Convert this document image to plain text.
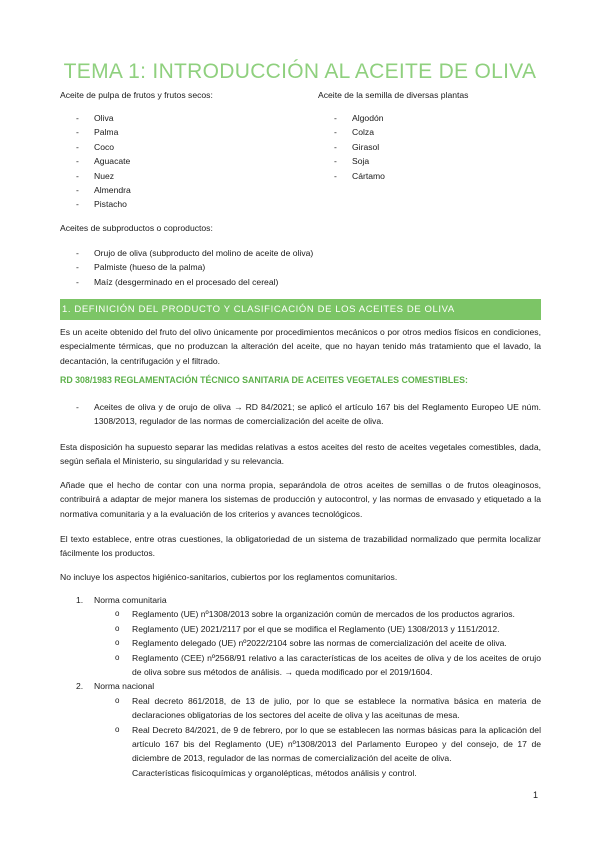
TEMA 1: INTRODUCCIÓN AL ACEITE DE OLIVA
Aceite de pulpa de frutos y frutos secos:
- Oliva
- Palma
- Coco
- Aguacate
- Nuez
- Almendra
- Pistacho
Aceite de la semilla de diversas plantas
- Algodón
- Colza
- Girasol
- Soja
- Cártamo
Aceites de subproductos o coproductos:
- Orujo de oliva (subproducto del molino de aceite de oliva)
- Palmiste (hueso de la palma)
- Maíz (desgerminado en el procesado del cereal)
1. DEFINICIÓN DEL PRODUCTO Y CLASIFICACIÓN DE LOS ACEITES DE OLIVA
Es un aceite obtenido del fruto del olivo únicamente por procedimientos mecánicos o por otros medios físicos en condiciones, especialmente térmicas, que no produzcan la alteración del aceite, que no hayan tenido más tratamiento que el lavado, la decantación, la centrifugación y el filtrado.
RD 308/1983 REGLAMENTACIÓN TÉCNICO SANITARIA DE ACEITES VEGETALES COMESTIBLES:
- Aceites de oliva y de orujo de oliva → RD 84/2021; se aplicó el artículo 167 bis del Reglamento Europeo UE núm. 1308/2013, regulador de las normas de comercialización del aceite de oliva.
Esta disposición ha supuesto separar las medidas relativas a estos aceites del resto de aceites vegetales comestibles, dada, según señala el Ministerio, su singularidad y su relevancia.
Añade que el hecho de contar con una norma propia, separándola de otros aceites de semillas o de frutos oleaginosos, contribuirá a adaptar de mejor manera los sistemas de producción y autocontrol, y las normas de envasado y etiquetado a la normativa comunitaria y a la evaluación de los criterios y avances tecnológicos.
El texto establece, entre otras cuestiones, la obligatoriedad de un sistema de trazabilidad normalizado que permita localizar fácilmente los productos.
No incluye los aspectos higiénico-sanitarios, cubiertos por los reglamentos comunitarios.
1. Norma comunitaria
o Reglamento (UE) nº1308/2013 sobre la organización común de mercados de los productos agrarios.
o Reglamento (UE) 2021/2117 por el que se modifica el Reglamento (UE) 1308/2013 y 1151/2012.
o Reglamento delegado (UE) nº2022/2104 sobre las normas de comercialización del aceite de oliva.
o Reglamento (CEE) nº2568/91 relativo a las características de los aceites de oliva y de los aceites de orujo de oliva sobre sus métodos de análisis. → queda modificado por el 2019/1604.
2. Norma nacional
o Real decreto 861/2018, de 13 de julio, por lo que se establece la normativa básica en materia de declaraciones obligatorias de los sectores del aceite de oliva y las aceitunas de mesa.
o Real Decreto 84/2021, de 9 de febrero, por lo que se establecen las normas básicas para la aplicación del artículo 167 bis del Reglamento (UE) nº1308/2013 del Parlamento Europeo y del consejo, de 17 de diciembre de 2013, regulador de las normas de comercialización del aceite de oliva.
Características fisicoquímicas y organolépticas, métodos análisis y control.
1
